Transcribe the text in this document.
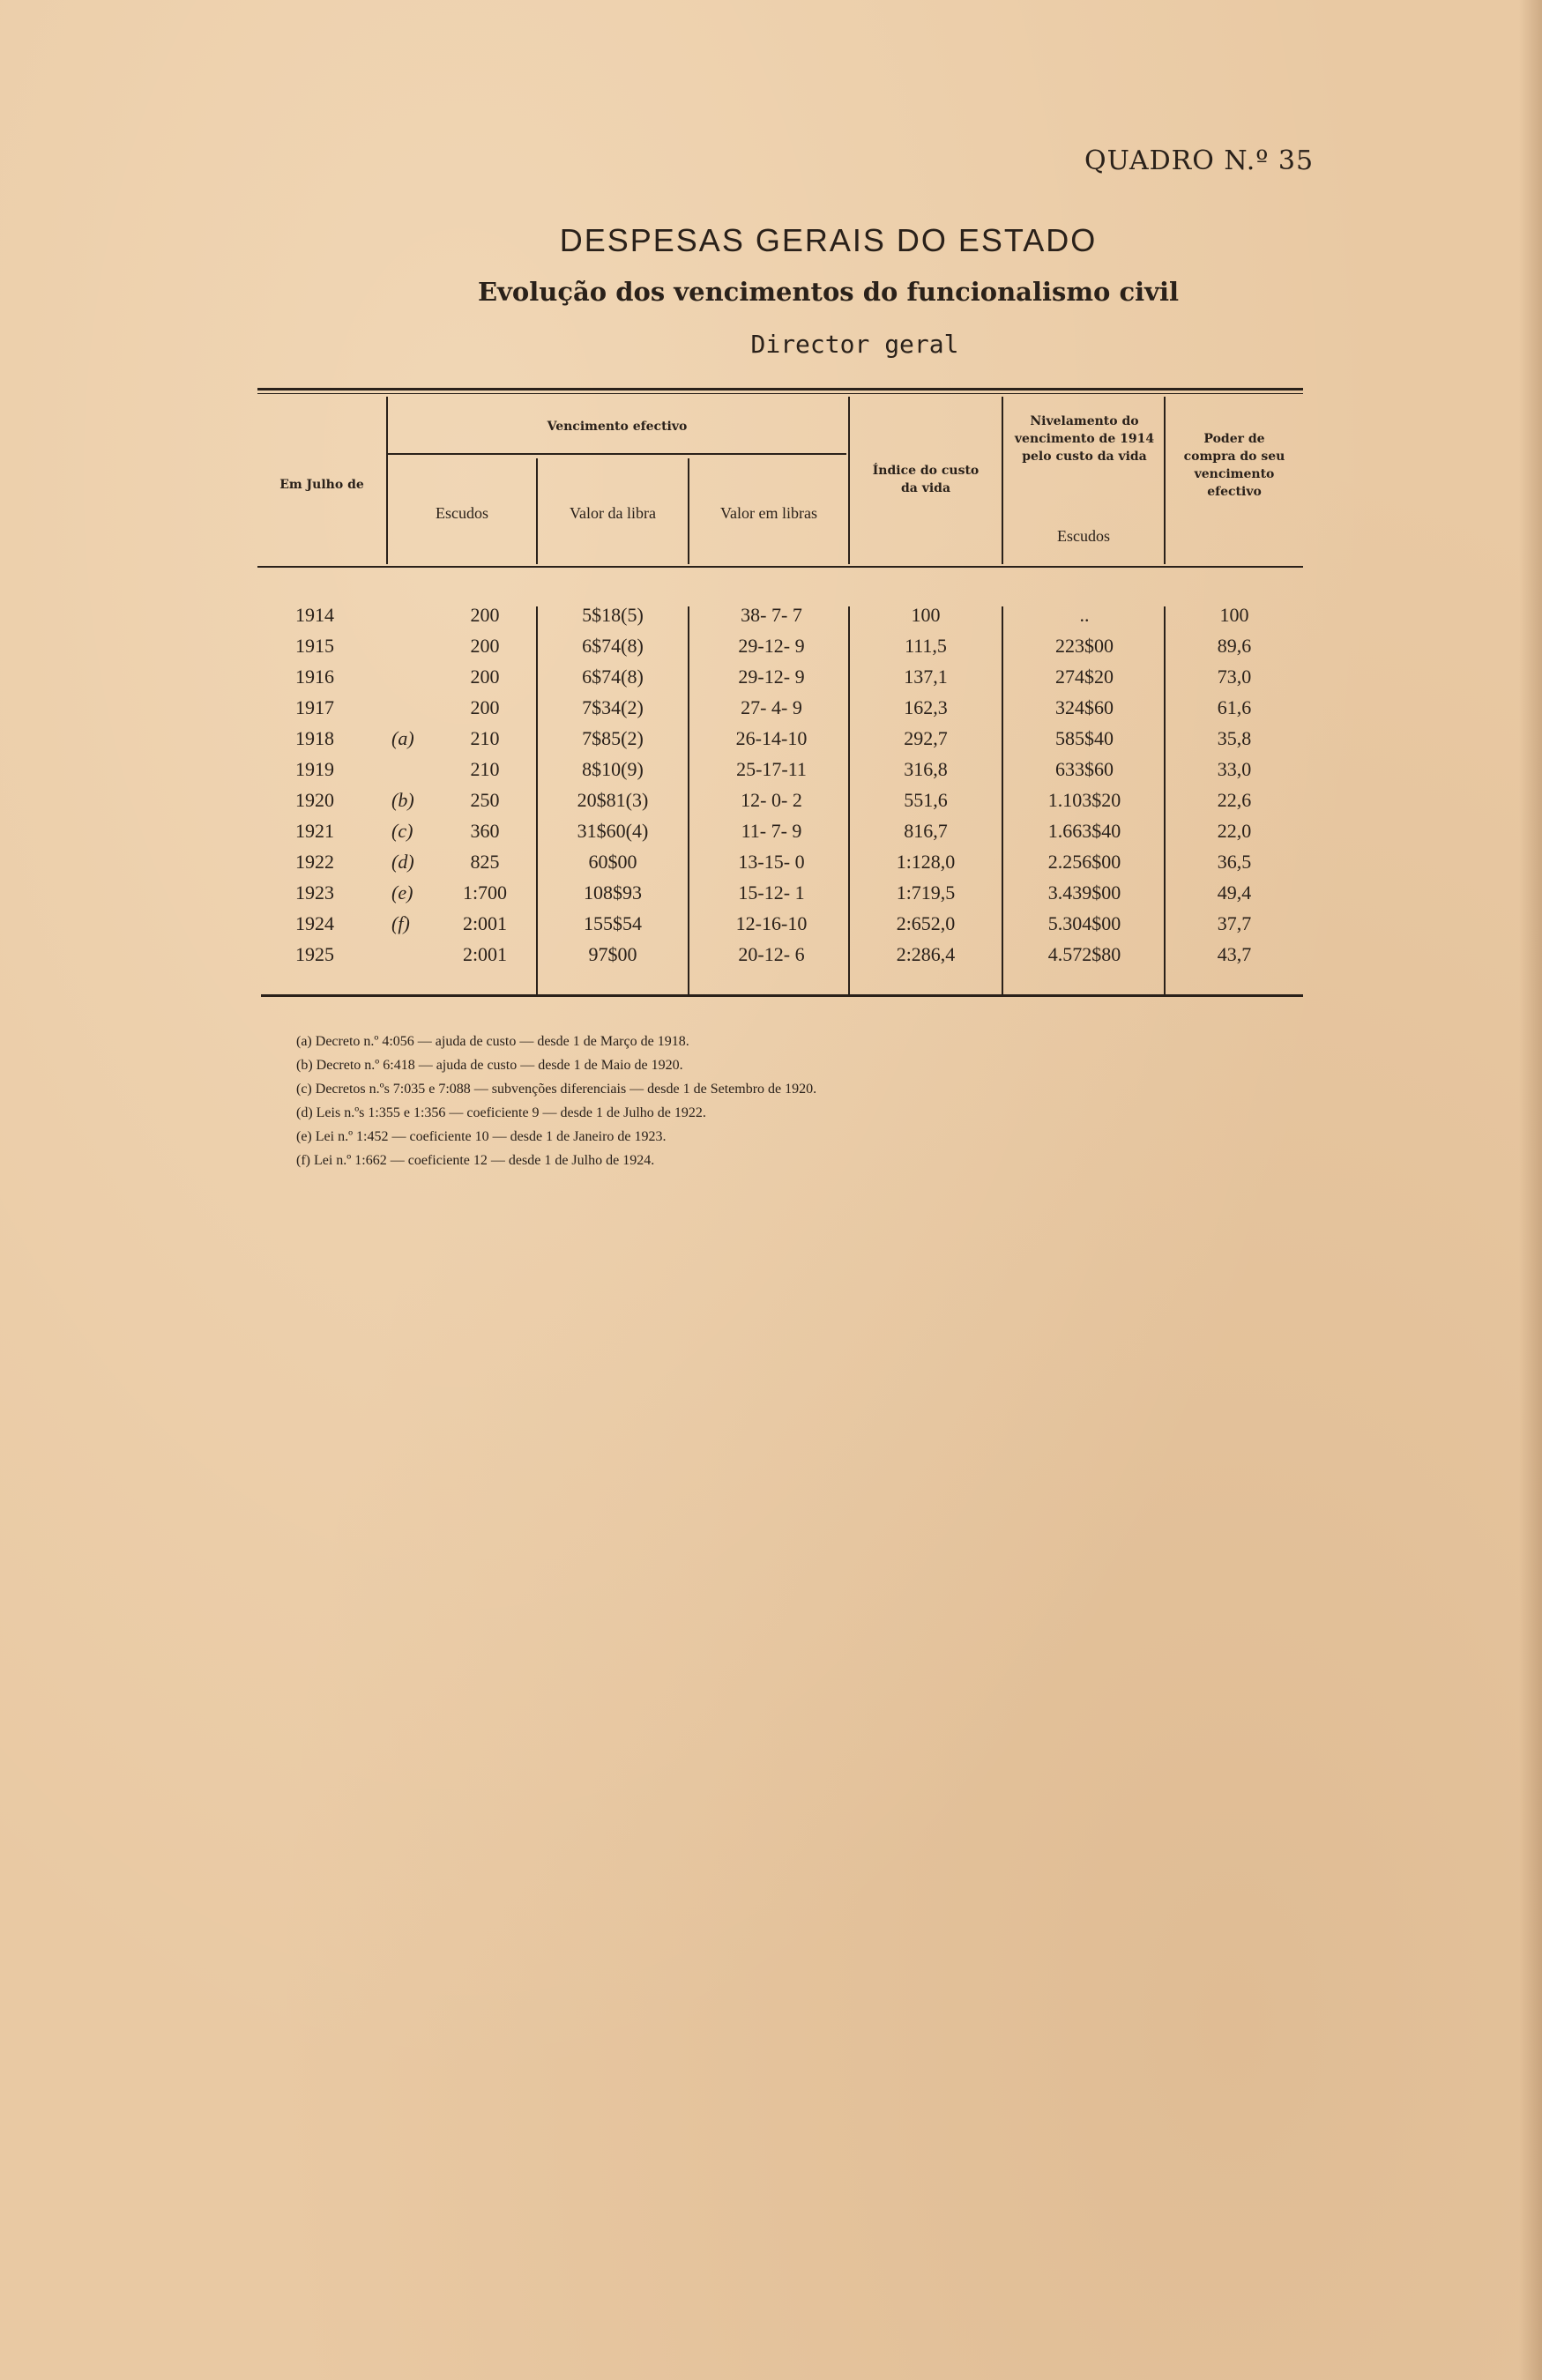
QUADRO N.º 35
DESPESAS GERAIS DO ESTADO
Evolução dos vencimentos do funcionalismo civil
Director geral
Em Julho de
Vencimento efectivo
Escudos	Valor da libra	Valor em libras
Índice do custo da vida
Nivelamento do vencimento de 1914 pelo custo da vida
Escudos
Poder de compra do seu vencimento efectivo
1914	200	5$18(5)	38- 7- 7	100	..	100
1915	200	6$74(8)	29-12- 9	111,5	223$00	89,6
1916	200	6$74(8)	29-12- 9	137,1	274$20	73,0
1917	200	7$34(2)	27- 4- 9	162,3	324$60	61,6
1918	(a)	210	7$85(2)	26-14-10	292,7	585$40	35,8
1919	210	8$10(9)	25-17-11	316,8	633$60	33,0
1920	(b)	250	20$81(3)	12- 0- 2	551,6	1.103$20	22,6
1921	(c)	360	31$60(4)	11- 7- 9	816,7	1.663$40	22,0
1922	(d)	825	60$00	13-15- 0	1:128,0	2.256$00	36,5
1923	(e)	1:700	108$93	15-12- 1	1:719,5	3.439$00	49,4
1924	(f)	2:001	155$54	12-16-10	2:652,0	5.304$00	37,7
1925	2:001	97$00	20-12- 6	2:286,4	4.572$80	43,7
(a) Decreto n.º 4:056 — ajuda de custo — desde 1 de Março de 1918.
(b) Decreto n.º 6:418 — ajuda de custo — desde 1 de Maio de 1920.
(c) Decretos n.ºs 7:035 e 7:088 — subvenções diferenciais — desde 1 de Setembro de 1920.
(d) Leis n.ºs 1:355 e 1:356 — coeficiente 9 — desde 1 de Julho de 1922.
(e) Lei n.º 1:452 — coeficiente 10 — desde 1 de Janeiro de 1923.
(f) Lei n.º 1:662 — coeficiente 12 — desde 1 de Julho de 1924.
